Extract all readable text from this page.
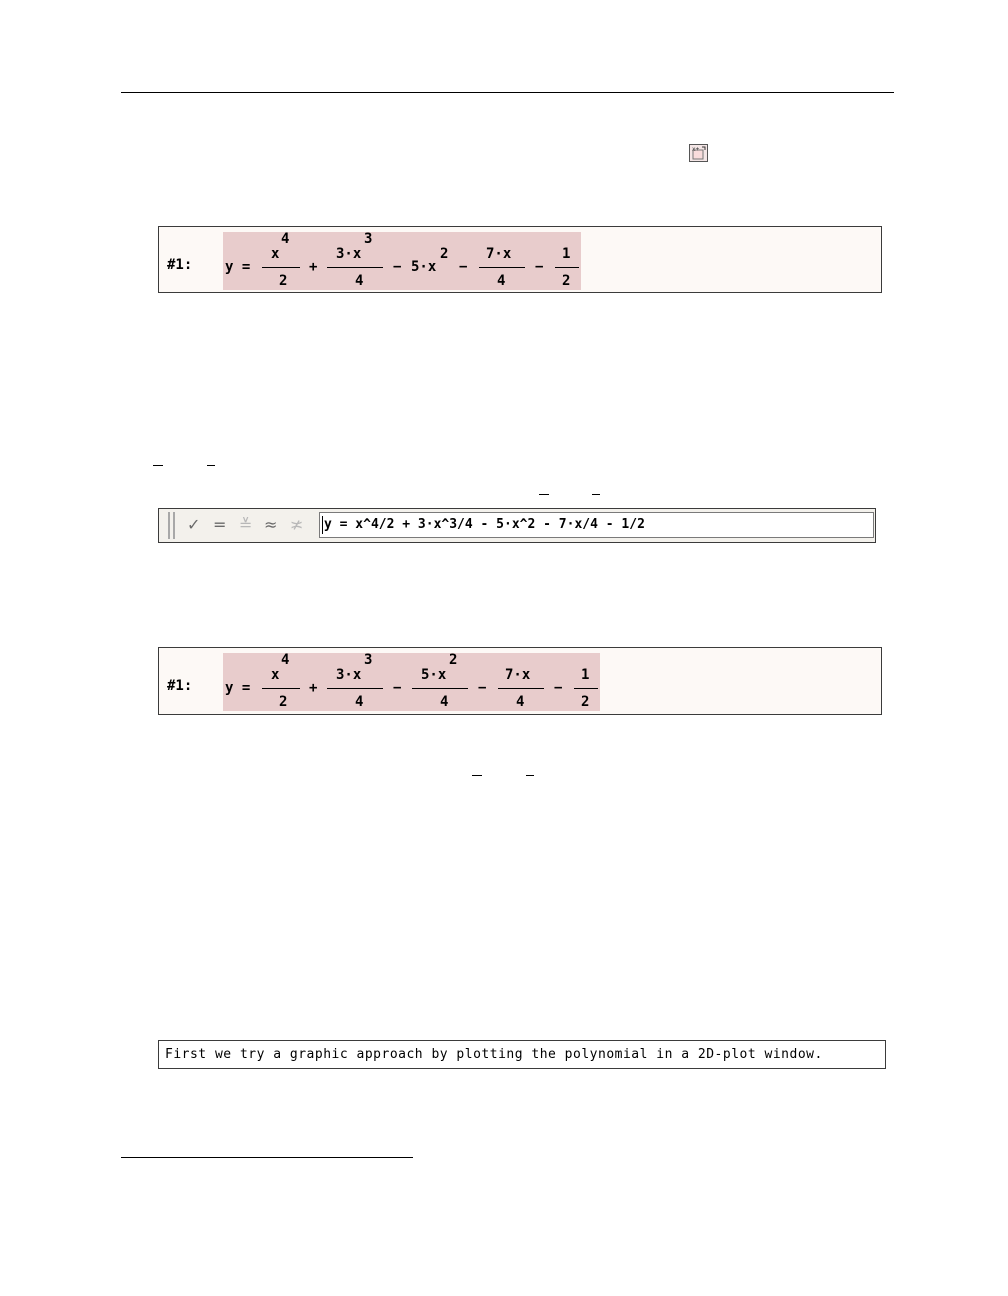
x+
#1: y =
4
x
2
+
3
3·x
4
−
2
5·x −
7·x
4
−
1
2
✓ = ≚ ≈ ≭ y = x^4/2 + 3·x^3/4 - 5·x^2 - 7·x/4 - 1/2
#1: y =
4
x
2
+
3
3·x
4
−
2
5·x
4
−
7·x
4
−
1
2
First we try a graphic approach by plotting the polynomial in a 2D-plot window.
